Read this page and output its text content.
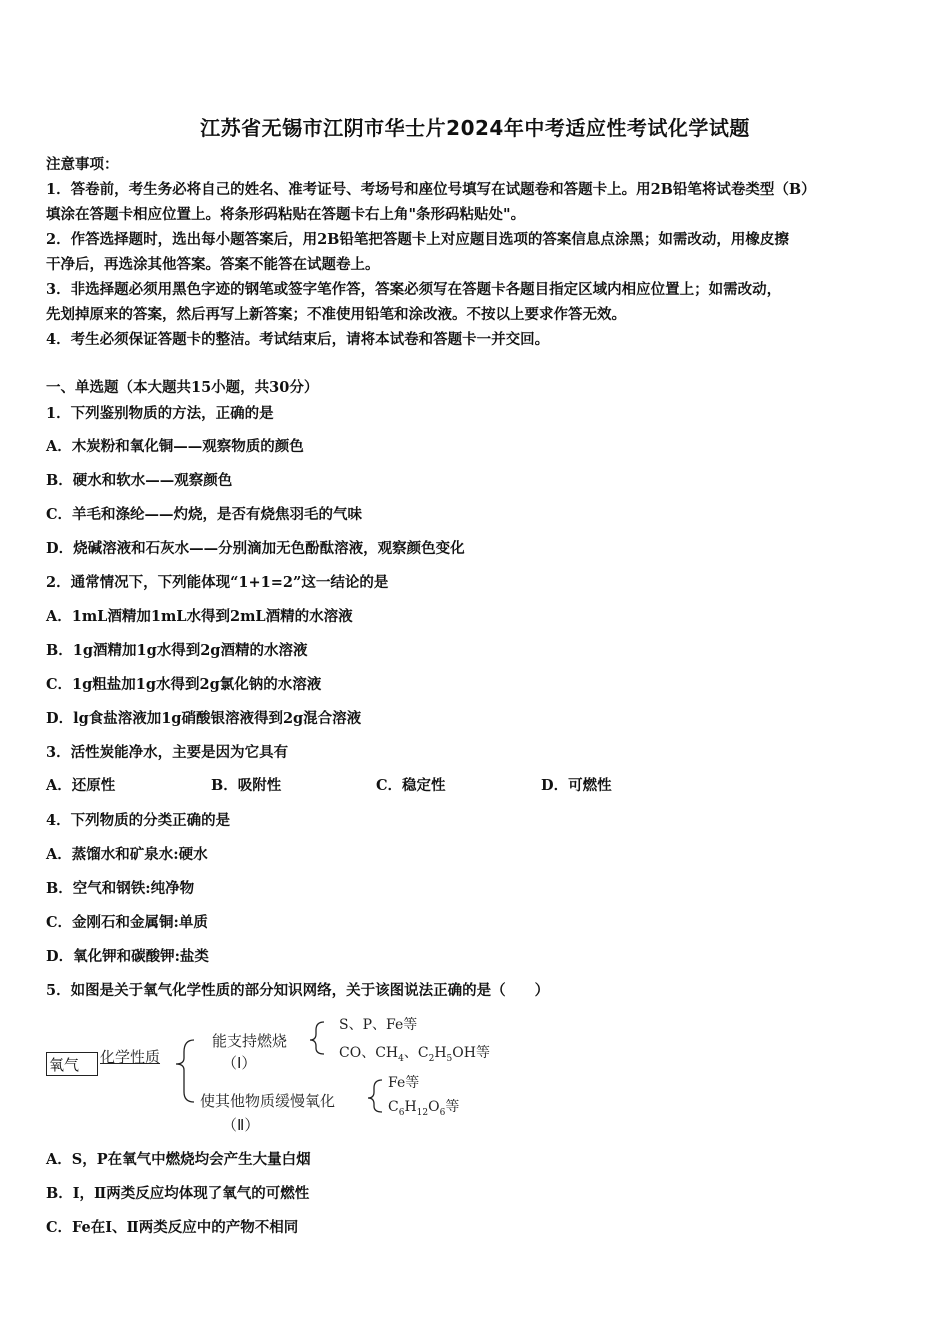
江苏省无锡市江阴市华士片2024年中考适应性考试化学试题
注意事项：
1．答卷前，考生务必将自己的姓名、准考证号、考场号和座位号填写在试题卷和答题卡上。用2B铅笔将试卷类型（B）
填涂在答题卡相应位置上。将条形码粘贴在答题卡右上角"条形码粘贴处"。
2．作答选择题时，选出每小题答案后，用2B铅笔把答题卡上对应题目选项的答案信息点涂黑；如需改动，用橡皮擦
干净后，再选涂其他答案。答案不能答在试题卷上。
3．非选择题必须用黑色字迹的钢笔或签字笔作答，答案必须写在答题卡各题目指定区域内相应位置上；如需改动，
先划掉原来的答案，然后再写上新答案；不准使用铅笔和涂改液。不按以上要求作答无效。
4．考生必须保证答题卡的整洁。考试结束后，请将本试卷和答题卡一并交回。
一、单选题（本大题共15小题，共30分）
1．下列鉴别物质的方法，正确的是
A．木炭粉和氧化铜——观察物质的颜色
B．硬水和软水——观察颜色
C．羊毛和涤纶——灼烧，是否有烧焦羽毛的气味
D．烧碱溶液和石灰水——分别滴加无色酚酞溶液，观察颜色变化
2．通常情况下，下列能体现“1+1=2”这一结论的是
A．1mL酒精加1mL水得到2mL酒精的水溶液
B．1g酒精加1g水得到2g酒精的水溶液
C．1g粗盐加1g水得到2g氯化钠的水溶液
D．lg食盐溶液加1g硝酸银溶液得到2g混合溶液
3．活性炭能净水，主要是因为它具有
A．还原性	B．吸附性	C．稳定性	D．可燃性
4．下列物质的分类正确的是
A．蒸馏水和矿泉水:硬水
B．空气和钢铁:纯净物
C．金刚石和金属铜:单质
D．氧化钾和碳酸钾:盐类
5．如图是关于氧气化学性质的部分知识网络，关于该图说法正确的是（　　）
氧气	化学性质
能支持燃烧
（Ⅰ）
S、P、Fe等
CO、$CH_4$、$C_2H_5OH$等
使其他物质缓慢氧化
（Ⅱ）
Fe等
$C_6H_{12}O_6$等
A．S，P在氧气中燃烧均会产生大量白烟
B．Ⅰ，Ⅱ两类反应均体现了氧气的可燃性
C．Fe在Ⅰ、Ⅱ两类反应中的产物不相同
